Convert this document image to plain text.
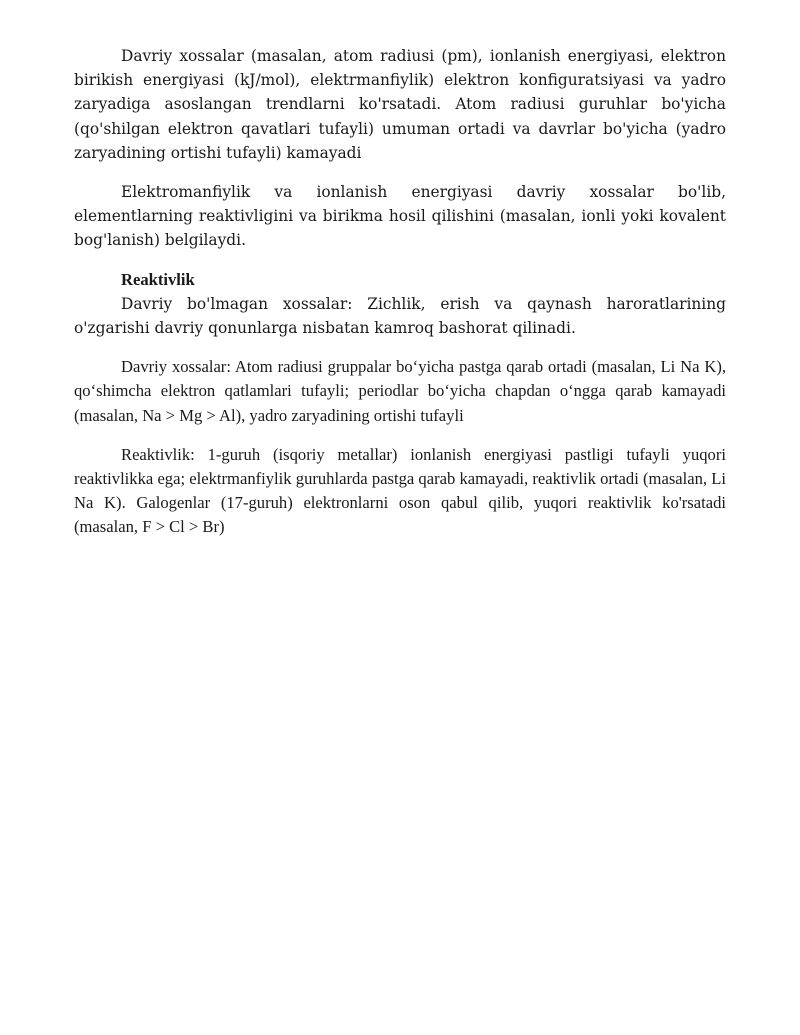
Davriy xossalar (masalan, atom radiusi (pm), ionlanish energiyasi, elektron birikish energiyasi (kJ/mol), elektrmanfiylik) elektron konfiguratsiyasi va yadro zaryadiga asoslangan trendlarni ko'rsatadi. Atom radiusi guruhlar bo'yicha (qo'shilgan elektron qavatlari tufayli) umuman ortadi va davrlar bo'yicha (yadro zaryadining ortishi tufayli) kamayadi

Elektromanfiylik va ionlanish energiyasi davriy xossalar bo'lib, elementlarning reaktivligini va birikma hosil qilishini (masalan, ionli yoki kovalent bog'lanish) belgilaydi.

Reaktivlik

Davriy bo'lmagan xossalar: Zichlik, erish va qaynash haroratlarining o'zgarishi davriy qonunlarga nisbatan kamroq bashorat qilinadi.

Davriy xossalar: Atom radiusi gruppalar bo‘yicha pastga qarab ortadi (masalan, Li Na K), qo‘shimcha elektron qatlamlari tufayli; periodlar bo‘yicha chapdan o‘ngga qarab kamayadi (masalan, Na > Mg > Al), yadro zaryadining ortishi tufayli

Reaktivlik: 1-guruh (isqoriy metallar) ionlanish energiyasi pastligi tufayli yuqori reaktivlikka ega; elektrmanfiylik guruhlarda pastga qarab kamayadi, reaktivlik ortadi (masalan, Li Na K). Galogenlar (17-guruh) elektronlarni oson qabul qilib, yuqori reaktivlik ko'rsatadi (masalan, F > Cl > Br)
